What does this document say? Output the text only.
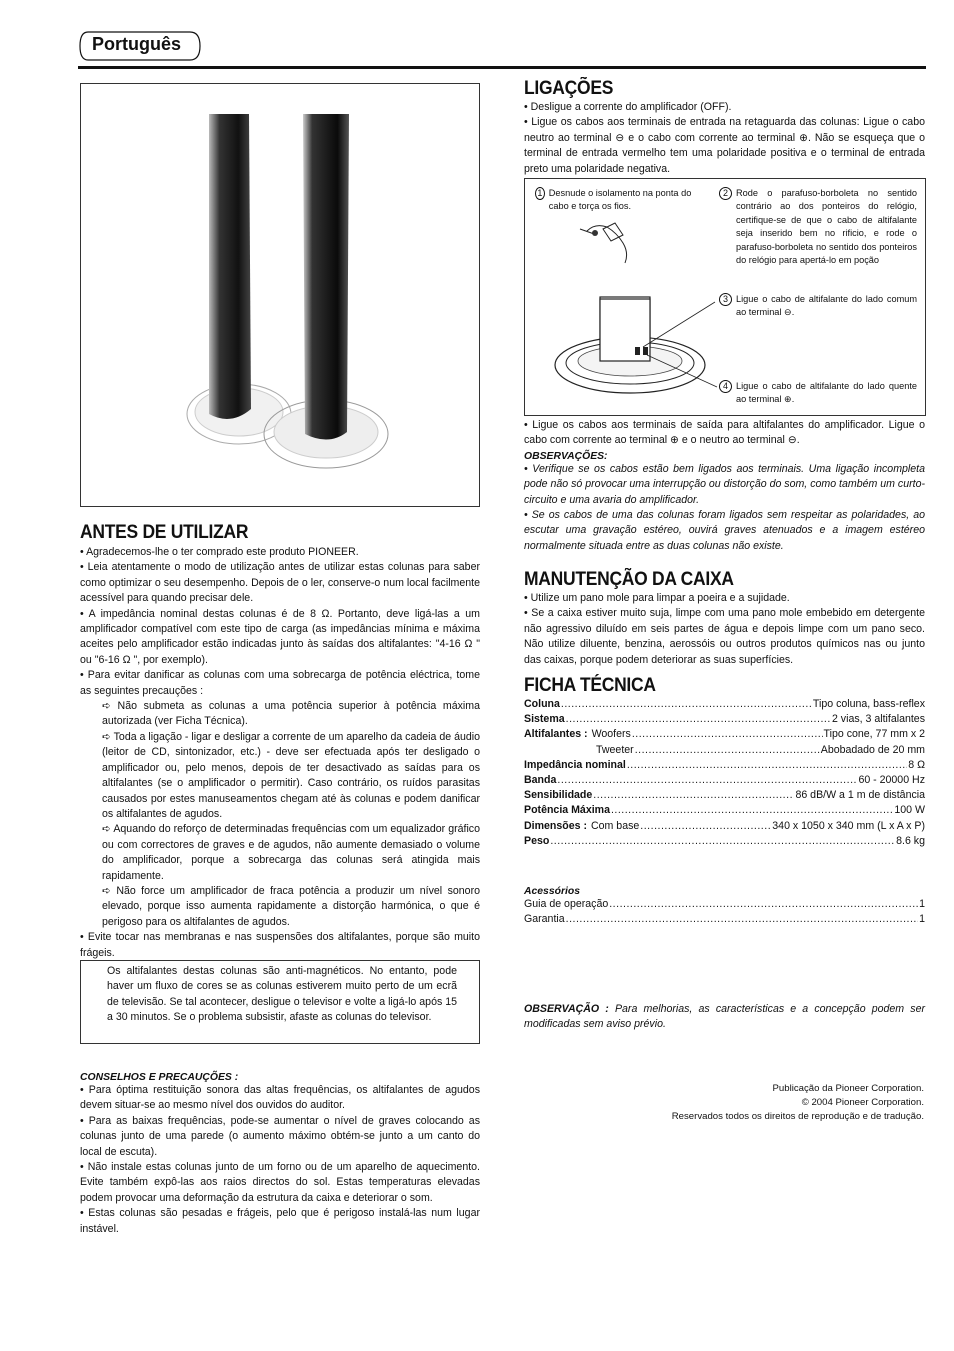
Português
ANTES DE UTILIZAR

• Agradecemos-lhe o ter comprado este produto PIONEER.

• Leia atentamente o modo de utilização antes de utilizar estas colunas para saber como optimizar o seu desempenho. Depois de o ler, conserve-o num local facilmente acessível para quando precisar dele.

• A impedância nominal destas colunas é de 8 Ω. Portanto, deve ligá-las a um amplificador compatível com este tipo de carga (as impedâncias mínima e máxima aceites pelo amplificador estão indicadas junto às saídas dos altifalantes: "4-16 Ω " ou "6-16 Ω ", por exemplo).

• Para evitar danificar as colunas com uma sobrecarga de potência eléctrica, tome as seguintes precauções :

➪ Não submeta as colunas a uma potência superior à potência máxima autorizada (ver Ficha Técnica).

➪ Toda a ligação - ligar e desligar a corrente de um aparelho da cadeia de áudio (leitor de CD, sintonizador, etc.) - deve ser efectuada após ter desligado o amplificador ou, pelo menos, depois de ter desactivado as saídas para os altifalantes (se o amplificador o permitir). Caso contrário, os ruídos parasitas causados por estes manuseamentos chegam até às colunas e podem danificar os altifalantes de agudos.

➪ Aquando do reforço de determinadas frequências com um equalizador gráfico ou com correctores de graves e de agudos, não aumente demasiado o volume do amplificador, porque a sobrecarga das colunas será atingida mais rapidamente.

➪ Não force um amplificador de fraca potência a produzir um nível sonoro elevado, porque isso aumenta rapidamente a distorção harmónica, o que é perigoso para os altifalantes de agudos.

• Evite tocar nas membranas e nas suspensões dos altifalantes, porque são muito frágeis.

Os altifalantes destas colunas são anti-magnéticos. No entanto, pode haver um fluxo de cores se as colunas estiverem muito perto de um ecrã de televisão. Se tal acontecer, desligue o televisor e volte a ligá-lo após 15 a 30 minutos. Se o problema subsistir, afaste as colunas do televisor.

CONSELHOS E PRECAUÇÕES :

• Para óptima restituição sonora das altas frequências, os altifalantes de agudos devem situar-se ao mesmo nível dos ouvidos do auditor.

• Para as baixas frequências, pode-se aumentar o nível de graves colocando as colunas junto de uma parede (o aumento máximo obtém-se junto a um canto do local de escuta).

• Não instale estas colunas junto de um forno ou de um aparelho de aquecimento. Evite também expô-las aos raios directos do sol. Estas temperaturas elevadas podem provocar uma deformação da estrutura da caixa e deteriorar o som.

• Estas colunas são pesadas e frágeis, pelo que é perigoso instalá-las num lugar instável.

LIGAÇÕES

• Desligue a corrente do amplificador (OFF).

• Ligue os cabos aos terminais de entrada na retaguarda das colunas: Ligue o cabo neutro ao terminal ⊖ e o cabo com corrente ao terminal ⊕. Não se esqueça que o terminal de entrada vermelho tem uma polaridade positiva e o terminal de entrada preto uma polaridade negativa.

1 Desnude o isolamento na ponta do cabo e torça os fios.
2 Rode o parafuso-borboleta no sentido contrário ao dos ponteiros do relógio, certifique-se de que o cabo de altifalante seja inserido bem no rificio, e rode o parafuso-borboleta no sentido dos ponteiros do relógio para apertá-lo em poção
3 Ligue o cabo de altifalante do lado comum ao terminal ⊖.
4 Ligue o cabo de altifalante do lado quente ao terminal ⊕.

• Ligue os cabos aos terminais de saída para altifalantes do amplificador. Ligue o cabo com corrente ao terminal ⊕ e o neutro ao terminal ⊖.

OBSERVAÇÕES:

• Verifique se os cabos estão bem ligados aos terminais. Uma ligação incompleta pode não só provocar uma interrupção ou distorção do som, como também um curto-circuito e uma avaria do amplificador.

• Se os cabos de uma das colunas foram ligados sem respeitar as polaridades, ao escutar uma gravação estéreo, ouvirá graves atenuados e a imagem estéreo normalmente situada entre as duas colunas não existe.

MANUTENÇÃO DA CAIXA

• Utilize um pano mole para limpar a poeira e a sujidade.

• Se a caixa estiver muito suja, limpe com uma pano mole embebido em detergente não agressivo diluído em seis partes de água e depois limpe com um pano seco. Não utilize diluente, benzina, aerossóis ou outros produtos químicos nas ou junto das caixas, porque podem deteriorar as suas superfícies.

FICHA TÉCNICA
Coluna .....	Tipo coluna, bass-reflex
Sistema .....	2 vias, 3 altifalantes
Altifalantes : Woofers .....	Tipo cone, 77 mm x 2
Tweeter .....	Abobadado de 20 mm
Impedância nominal .....	8 Ω
Banda .....	60 - 20000 Hz
Sensibilidade .....	86 dB/W a 1 m de distância
Potência Máxima .....	100 W
Dimensões : Com base .....	340 x 1050 x 340 mm (L x A x P)
Peso .....	8.6 kg

Acessórios

Guia de operação .....	1
Garantia .....	1

OBSERVAÇÃO : Para melhorias, as características e a concepção podem ser modificadas sem aviso prévio.

Publicação da Pioneer Corporation.
© 2004 Pioneer Corporation.
Reservados todos os direitos de reprodução e de tradução.
